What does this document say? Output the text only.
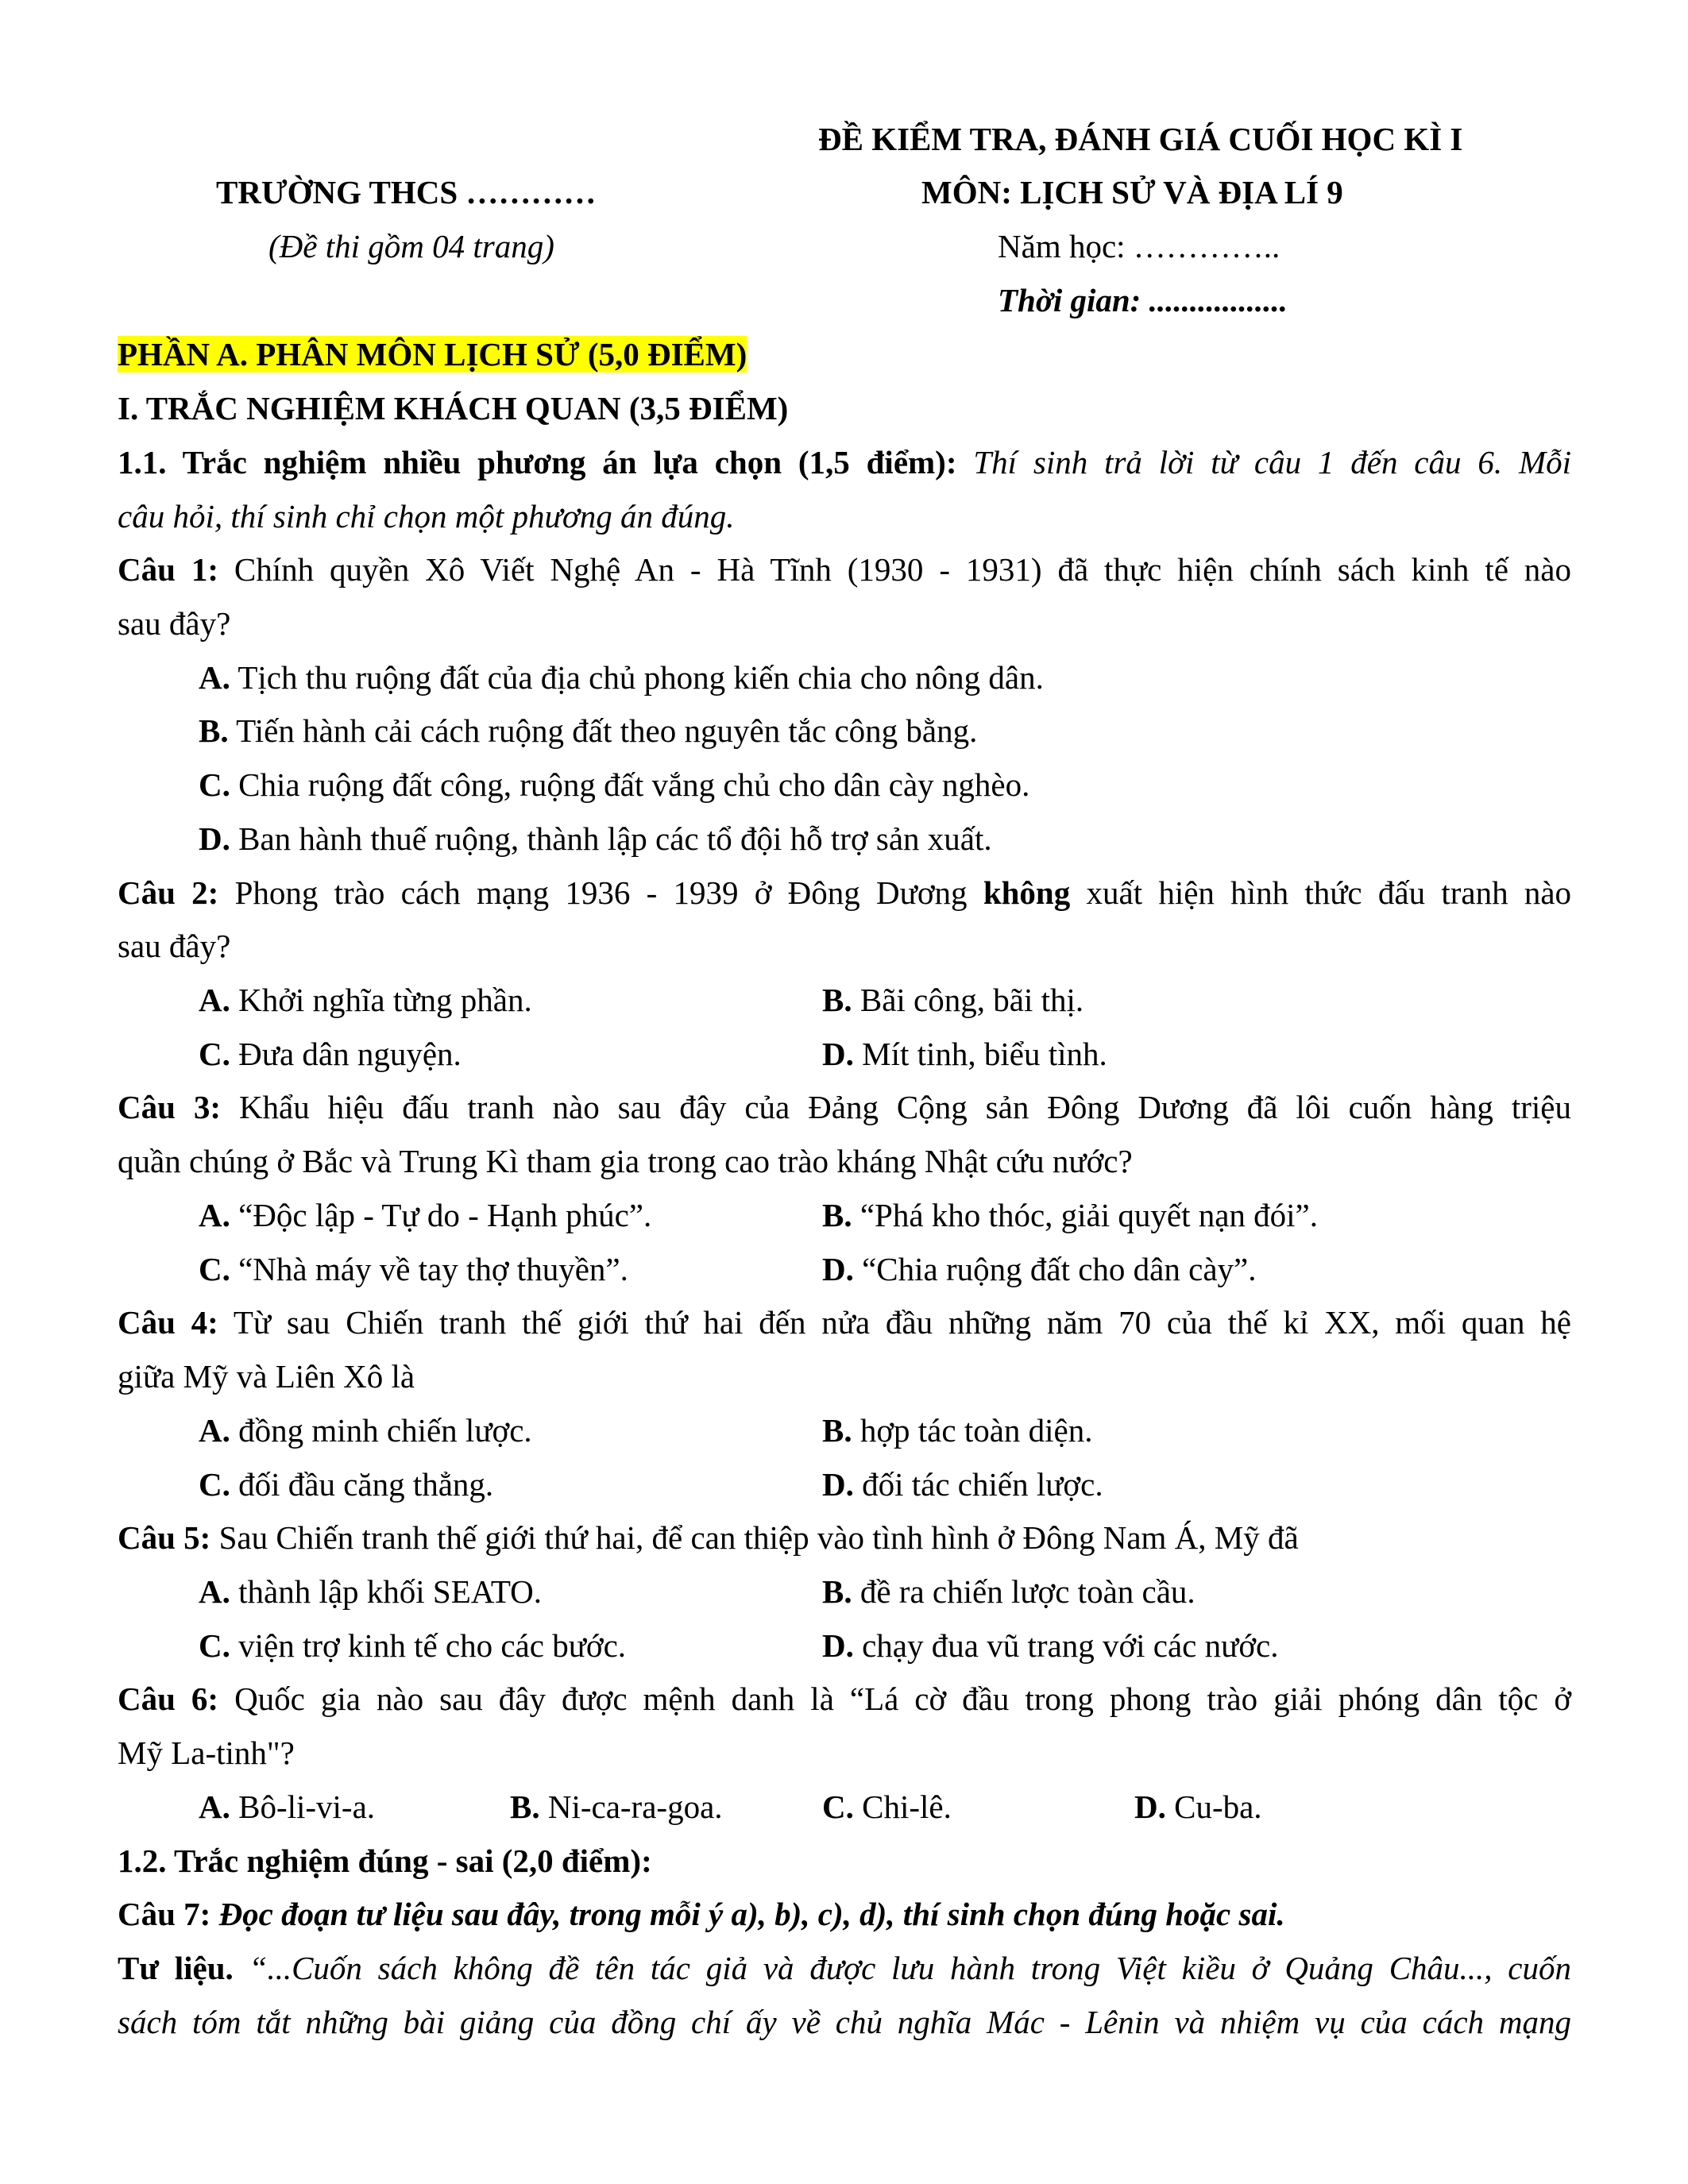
ĐỀ KIỂM TRA, ĐÁNH GIÁ CUỐI HỌC KÌ I
TRƯỜNG THCS …………	MÔN: LỊCH SỬ VÀ ĐỊA LÍ 9
(Đề thi gồm 04 trang)	Năm học: …………..
Thời gian: .................
PHẦN A. PHÂN MÔN LỊCH SỬ (5,0 ĐIỂM)
I. TRẮC NGHIỆM KHÁCH QUAN (3,5 ĐIỂM)
1.1. Trắc nghiệm nhiều phương án lựa chọn (1,5 điểm): Thí sinh trả lời từ câu 1 đến câu 6. Mỗi
câu hỏi, thí sinh chỉ chọn một phương án đúng.
Câu 1: Chính quyền Xô Viết Nghệ An - Hà Tĩnh (1930 - 1931) đã thực hiện chính sách kinh tế nào
sau đây?
A. Tịch thu ruộng đất của địa chủ phong kiến chia cho nông dân.
B. Tiến hành cải cách ruộng đất theo nguyên tắc công bằng.
C. Chia ruộng đất công, ruộng đất vắng chủ cho dân cày nghèo.
D. Ban hành thuế ruộng, thành lập các tổ đội hỗ trợ sản xuất.
Câu 2: Phong trào cách mạng 1936 - 1939 ở Đông Dương không xuất hiện hình thức đấu tranh nào
sau đây?
A. Khởi nghĩa từng phần.	B. Bãi công, bãi thị.
C. Đưa dân nguyện.	D. Mít tinh, biểu tình.
Câu 3: Khẩu hiệu đấu tranh nào sau đây của Đảng Cộng sản Đông Dương đã lôi cuốn hàng triệu
quần chúng ở Bắc và Trung Kì tham gia trong cao trào kháng Nhật cứu nước?
A. “Độc lập - Tự do - Hạnh phúc”.	B. “Phá kho thóc, giải quyết nạn đói”.
C. “Nhà máy về tay thợ thuyền”.	D. “Chia ruộng đất cho dân cày”.
Câu 4: Từ sau Chiến tranh thế giới thứ hai đến nửa đầu những năm 70 của thế kỉ XX, mối quan hệ
giữa Mỹ và Liên Xô là
A. đồng minh chiến lược.	B. hợp tác toàn diện.
C. đối đầu căng thẳng.	D. đối tác chiến lược.
Câu 5: Sau Chiến tranh thế giới thứ hai, để can thiệp vào tình hình ở Đông Nam Á, Mỹ đã
A. thành lập khối SEATO.	B. đề ra chiến lược toàn cầu.
C. viện trợ kinh tế cho các bước.	D. chạy đua vũ trang với các nước.
Câu 6: Quốc gia nào sau đây được mệnh danh là “Lá cờ đầu trong phong trào giải phóng dân tộc ở
Mỹ La-tinh"?
A. Bô-li-vi-a.	B. Ni-ca-ra-goa.	C. Chi-lê.	D. Cu-ba.
1.2. Trắc nghiệm đúng - sai (2,0 điểm):
Câu 7: Đọc đoạn tư liệu sau đây, trong mỗi ý a), b), c), d), thí sinh chọn đúng hoặc sai.
Tư liệu. “...Cuốn sách không đề tên tác giả và được lưu hành trong Việt kiều ở Quảng Châu..., cuốn
sách tóm tắt những bài giảng của đồng chí ấy về chủ nghĩa Mác - Lênin và nhiệm vụ của cách mạng
